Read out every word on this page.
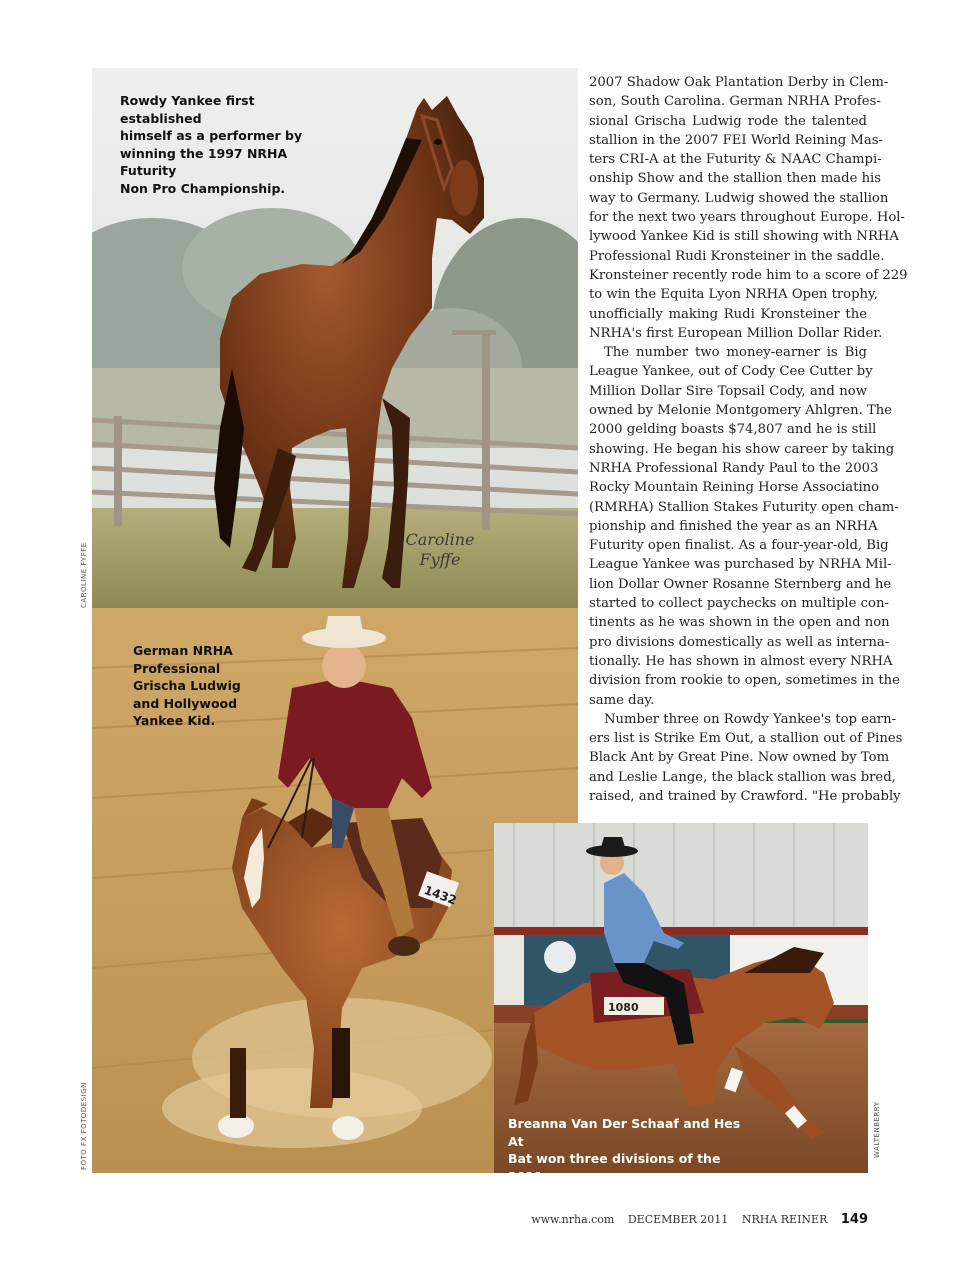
Caroline
Fyffe
Rowdy Yankee first established
himself as a performer by
winning the 1997 NRHA Futurity
Non Pro Championship.
1432
German NRHA
Professional
Grischa Ludwig
and Hollywood
Yankee Kid.
1080
Breanna Van Der Schaaf and Hes At
Bat won three divisions of the 2011
NRHA 7 & Up Derby.
CAROLINE FYFFE
FOTO FX FOTODESIGN	WALTENBERRY
2007 Shadow Oak Plantation Derby in Clem-
son, South Carolina. German NRHA Profes-
sional Grischa Ludwig rode the talented
stallion in the 2007 FEI World Reining Mas-
ters CRI-A at the Futurity & NAAC Champi-
onship Show and the stallion then made his
way to Germany. Ludwig showed the stallion
for the next two years throughout Europe. Hol-
lywood Yankee Kid is still showing with NRHA
Professional Rudi Kronsteiner in the saddle.
Kronsteiner recently rode him to a score of 229
to win the Equita Lyon NRHA Open trophy,
unofficially making Rudi Kronsteiner the
NRHA's first European Million Dollar Rider.
The number two money-earner is Big
League Yankee, out of Cody Cee Cutter by
Million Dollar Sire Topsail Cody, and now
owned by Melonie Montgomery Ahlgren. The
2000 gelding boasts $74,807 and he is still
showing. He began his show career by taking
NRHA Professional Randy Paul to the 2003
Rocky Mountain Reining Horse Associatino
(RMRHA) Stallion Stakes Futurity open cham-
pionship and finished the year as an NRHA
Futurity open finalist. As a four-year-old, Big
League Yankee was purchased by NRHA Mil-
lion Dollar Owner Rosanne Sternberg and he
started to collect paychecks on multiple con-
tinents as he was shown in the open and non
pro divisions domestically as well as interna-
tionally. He has shown in almost every NRHA
division from rookie to open, sometimes in the
same day.
Number three on Rowdy Yankee's top earn-
ers list is Strike Em Out, a stallion out of Pines
Black Ant by Great Pine. Now owned by Tom
and Leslie Lange, the black stallion was bred,
raised, and trained by Crawford. "He probably
www.nrha.com DECEMBER 2011 NRHA REINER 149
